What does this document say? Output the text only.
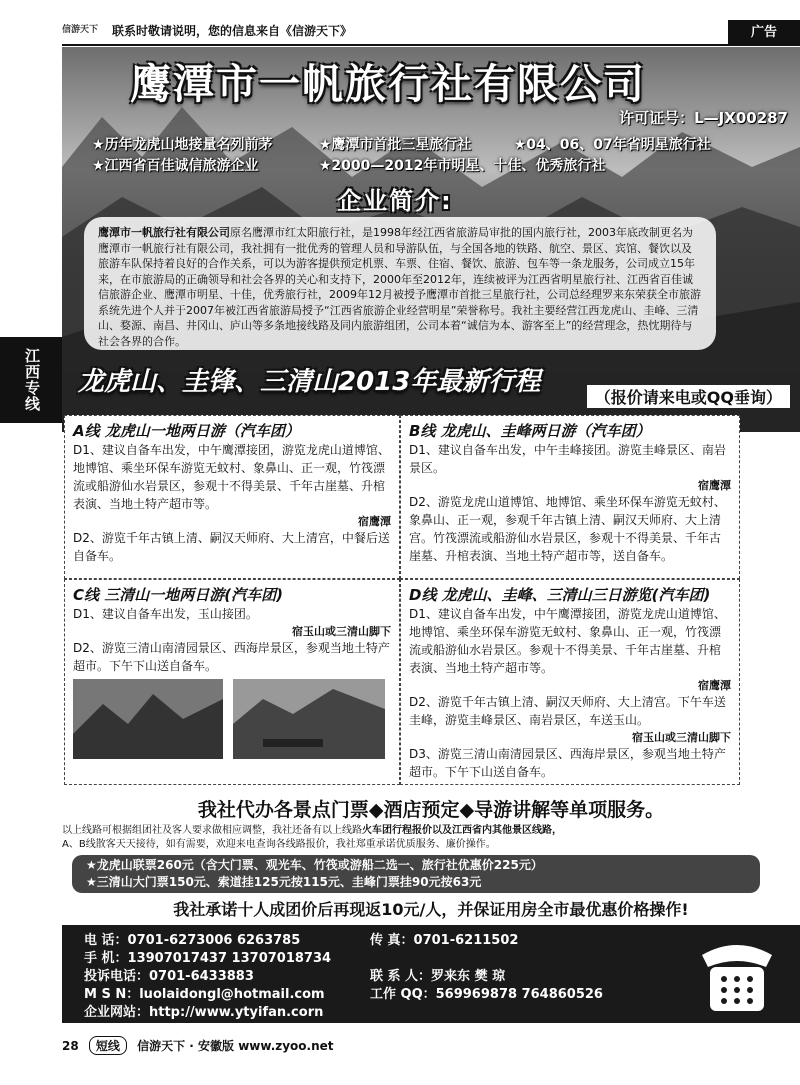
信游天下 联系时敬请说明，您的信息来自《信游天下》	广告
江西专线
鹰潭市一帆旅行社有限公司
许可证号：L—JX00287
★历年龙虎山地接量名列前茅	★鹰潭市首批三星旅行社	★04、06、07年省明星旅行社
★江西省百佳诚信旅游企业	★2000—2012年市明星、十佳、优秀旅行社
企业简介:
鹰潭市一帆旅行社有限公司原名鹰潭市红太阳旅行社，是1998年经江西省旅游局审批的国内旅行社，2003年底改制更名为鹰潭市一帆旅行社有限公司，我社拥有一批优秀的管理人员和导游队伍，与全国各地的铁路、航空、景区、宾馆、餐饮以及旅游车队保持着良好的合作关系，可以为游客提供预定机票、车票、住宿、餐饮、旅游、包车等一条龙服务，公司成立15年来，在市旅游局的正确领导和社会各界的关心和支持下，2000年至2012年，连续被评为江西省明星旅行社、江西省百佳诚信旅游企业、鹰潭市明星、十佳，优秀旅行社，2009年12月被授予鹰潭市首批三星旅行社，公司总经理罗来东荣获全市旅游系统先进个人并于2007年被江西省旅游局授予“江西省旅游企业经营明星”荣誉称号。我社主要经营江西龙虎山、圭峰、三清山、婺源、南昌、井冈山、庐山等多条地接线路及同内旅游组团，公司本着“诚信为本、游客至上”的经营理念，热忱期待与社会各界的合作。
龙虎山、圭锋、三清山2013年最新行程
（报价请来电或QQ垂询）
A线 龙虎山一地两日游（汽车团）
D1、建议自备车出发，中午鹰潭接团，游览龙虎山道博馆、地博馆、乘坐环保车游览无蚊村、象鼻山、正一观，竹筏漂流或船游仙水岩景区，参观十不得美景、千年古崖墓、升棺表演、当地土特产超市等。
宿鹰潭
D2、游览千年古镇上清、嗣汉天师府、大上清宫，中餐后送自备车。
B线 龙虎山、圭峰两日游（汽车团）
D1、建议自备车出发，中午圭峰接团。游览圭峰景区、南岩景区。
宿鹰潭
D2、游览龙虎山道博馆、地博馆、乘坐环保车游览无蚊村、象鼻山、正一观，参观千年古镇上清、嗣汉天师府、大上清宫。竹筏漂流或船游仙水岩景区，参观十不得美景、千年古崖墓、升棺表演、当地土特产超市等，送自备车。
C线 三清山一地两日游(汽车团)
D1、建议自备车出发，玉山接团。
宿玉山或三清山脚下
D2、游览三清山南清园景区、西海岸景区，参观当地土特产超市。下午下山送自备车。
D线 龙虎山、圭峰、三清山三日游览(汽车团)
D1、建议自备车出发，中午鹰潭接团，游览龙虎山道博馆、地博馆、乘坐环保车游览无蚊村、象鼻山、正一观，竹筏漂流或船游仙水岩景区。参观十不得美景、千年古崖墓、升棺表演、当地土特产超市等。
宿鹰潭
D2、游览千年古镇上清、嗣汉天师府、大上清宫。下午车送圭峰，游览圭峰景区、南岩景区，车送玉山。
宿玉山或三清山脚下
D3、游览三清山南清园景区、西海岸景区，参观当地土特产超市。下午下山送自备车。
我社代办各景点门票◆酒店预定◆导游讲解等单项服务。
以上线路可根据组团社及客人要求做相应调整，我社还备有以上线路火车团行程报价以及江西省内其他景区线路，
A、B线散客天天接待，如有需要，欢迎来电查询各线路报价，我社郑重承诺优质服务、廉价操作。
★龙虎山联票260元（含大门票、观光车、竹筏或游船二选一、旅行社优惠价225元）
★三清山大门票150元、索道挂125元按115元、圭峰门票挂90元按63元
我社承诺十人成团价后再现返10元/人，并保证用房全市最优惠价格操作!
电 话：0701-6273006 6263785	传 真：0701-6211502
手 机：13907017437 13707018734
投诉电话：0701-6433883	联 系 人：罗来东 樊 琼
M S N：luolaidongl@hotmail.com	工作 QQ：569969878 764860526
企业网站：http://www.ytyifan.corn
28 短线 信游天下 · 安徽版 www.zyoo.net
